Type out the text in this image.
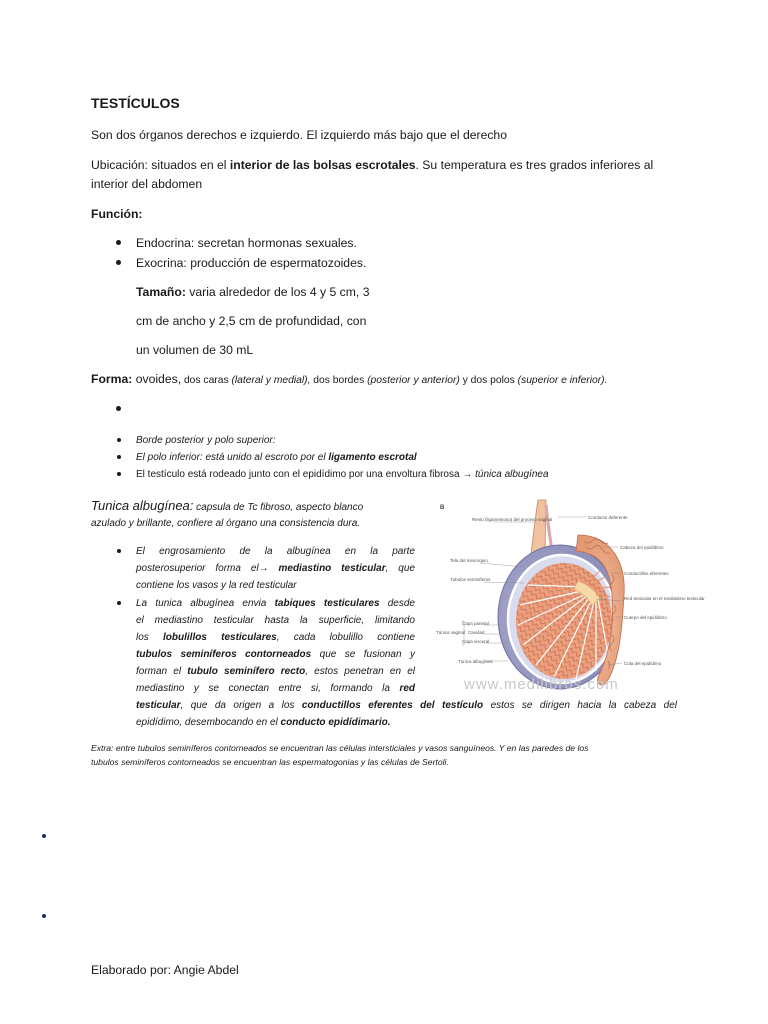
TESTÍCULOS
Son dos órganos derechos e izquierdo. El izquierdo más bajo que el derecho
Ubicación: situados en el interior de las bolsas escrotales. Su temperatura es tres grados inferiores al
interior del abdomen
Función:
Endocrina: secretan hormonas sexuales.
Exocrina: producción de espermatozoides.
Tamaño: varia alrededor de los 4 y 5 cm, 3
cm de ancho y 2,5 cm de profundidad, con
un volumen de 30 mL
Forma: ovoides, dos caras (lateral y medial), dos bordes (posterior y anterior) y dos polos (superior e inferior).
Borde posterior y polo superior:
El polo inferior: está unido al escroto por el ligamento escrotal
El testículo está rodeado junto con el epidídimo por una envoltura fibrosa → túnica albugínea
Tunica albugínea: capsula de Tc fibroso, aspecto blanco
azulado y brillante, confiere al órgano una consistencia dura.
El engrosamiento de la albugínea en la parte
posterosuperior forma el→ mediastino testicular, que
contiene los vasos y la red testicular
La tunica albugínea envia tabiques testiculares desde
el mediastino testicular hasta la superficie, limitando
los lobulillos testiculares, cada lobulillo contiene
tubulos seminíferos contorneados que se fusionan y
forman el tubulo seminífero recto, estos penetran en el
mediastino y se conectan entre si, formando la red
testicular, que da origen a los conductillos eferentes del testículo estos se dirigen hacia la cabeza del
epidídimo, desembocando en el conducto epidídimario.
B
Resto (ligamentoso) del proceso vaginal
Tela del mesorquio
Tubulos seminíferos
Capa parietal
Cavidad
Capa visceral
Túnica vaginal
Túnica albugínea
Conducto deferente
Cabeza del epidídimo
Conductillos eferentes
Red testicular en el mediastino testicular
Cuerpo del epidídimo
Cola del epidídimo
www.medilibros.com
Extra: entre tubulos seminíferos contorneados se encuentran las células intersticiales y vasos sanguíneos. Y en las paredes de los
tubulos seminíferos contorneados se encuentran las espermatogonias y las células de Sertoli.
Elaborado por: Angie Abdel
